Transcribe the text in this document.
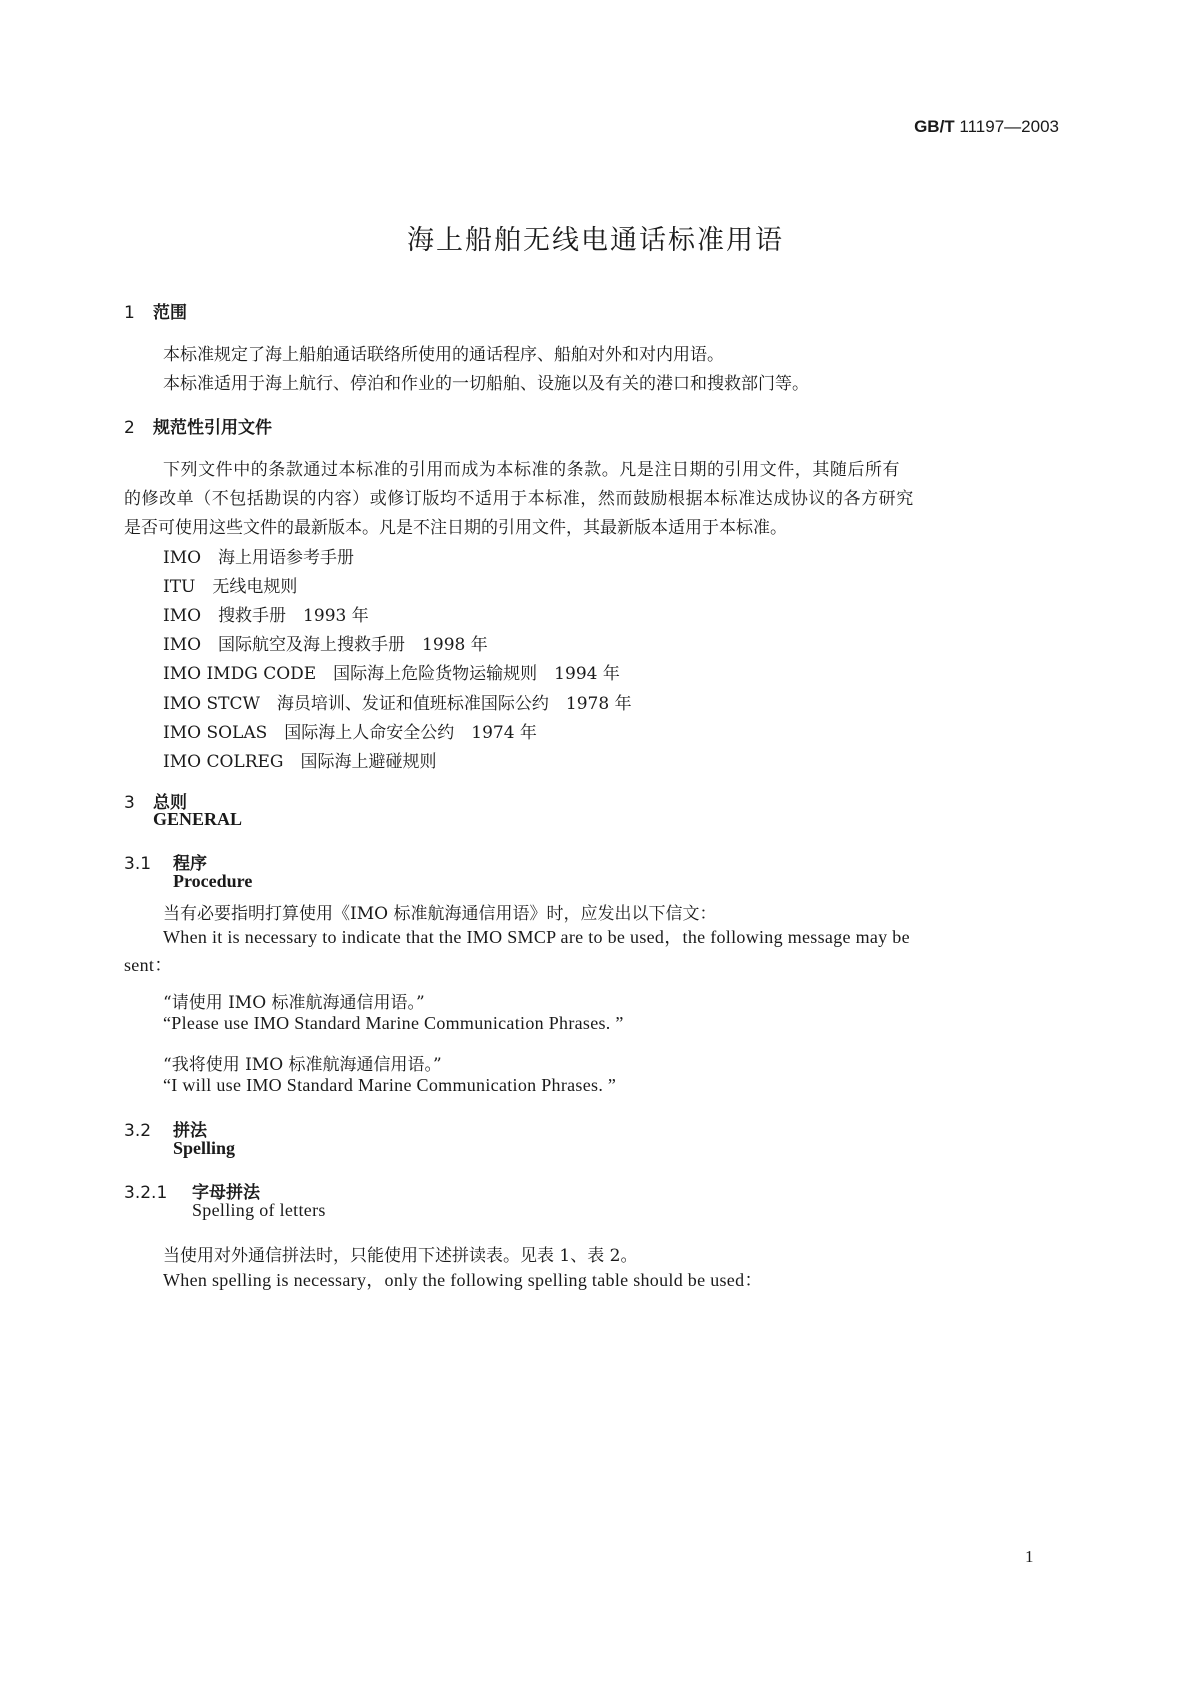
GB/T 11197—2003
海上船舶无线电通话标准用语
1 范围
本标准规定了海上船舶通话联络所使用的通话程序、船舶对外和对内用语。
本标准适用于海上航行、停泊和作业的一切船舶、设施以及有关的港口和搜救部门等。
2 规范性引用文件
下列文件中的条款通过本标准的引用而成为本标准的条款。凡是注日期的引用文件，其随后所有
的修改单（不包括勘误的内容）或修订版均不适用于本标准，然而鼓励根据本标准达成协议的各方研究
是否可使用这些文件的最新版本。凡是不注日期的引用文件，其最新版本适用于本标准。
IMO　海上用语参考手册
ITU　无线电规则
IMO　搜救手册　1993 年
IMO　国际航空及海上搜救手册　1998 年
IMO IMDG CODE　国际海上危险货物运输规则　1994 年
IMO STCW　海员培训、发证和值班标准国际公约　1978 年
IMO SOLAS　国际海上人命安全公约　1974 年
IMO COLREG　国际海上避碰规则
3 总则
GENERAL
3.1 程序
Procedure
当有必要指明打算使用《IMO 标准航海通信用语》时，应发出以下信文：
When it is necessary to indicate that the IMO SMCP are to be used，the following message may be
sent：
“请使用 IMO 标准航海通信用语。”
“Please use IMO Standard Marine Communication Phrases. ”
“我将使用 IMO 标准航海通信用语。”
“I will use IMO Standard Marine Communication Phrases. ”
3.2 拼法
Spelling
3.2.1 字母拼法
Spelling of letters
当使用对外通信拼法时，只能使用下述拼读表。见表 1、表 2。
When spelling is necessary，only the following spelling table should be used：
1
